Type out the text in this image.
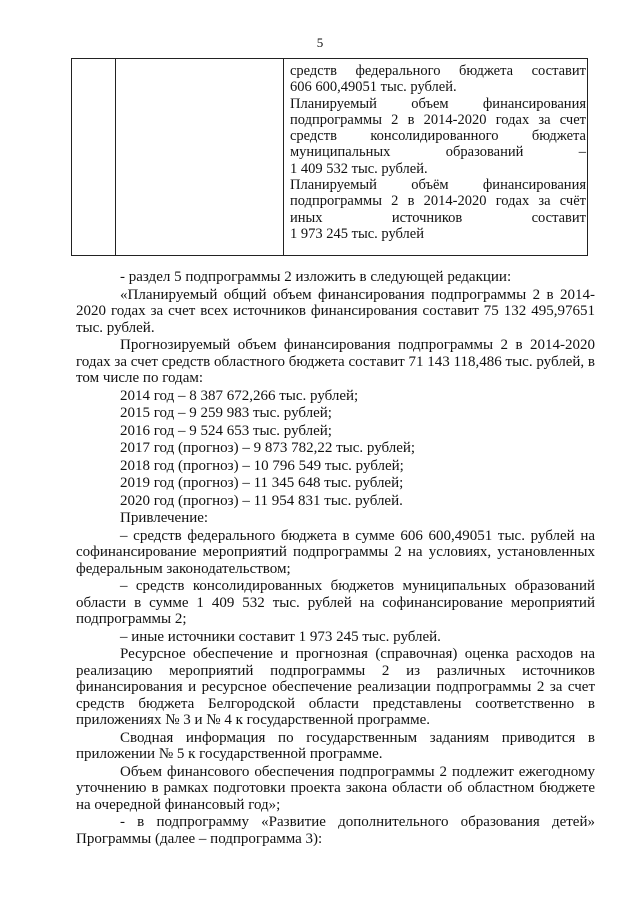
5

средств федерального бюджета составит

606 600,49051 тыс. рублей.

Планируемый объем финансирования

подпрограммы 2 в 2014-2020 годах за счет

средств консолидированного бюджета

муниципальных образований –

1 409 532 тыс. рублей.

Планируемый объём финансирования

подпрограммы 2 в 2014-2020 годах за счёт

иных источников составит

1 973 245 тыс. рублей

- раздел 5 подпрограммы 2 изложить в следующей редакции:

«Планируемый общий объем финансирования подпрограммы 2 в 2014-2020 годах за счет всех источников финансирования составит 75 132 495,97651 тыс. рублей.

Прогнозируемый объем финансирования подпрограммы 2 в 2014-2020 годах за счет средств областного бюджета составит 71 143 118,486 тыс. рублей, в том числе по годам:

2014 год – 8 387 672,266 тыс. рублей;

2015 год – 9 259 983 тыс. рублей;

2016 год – 9 524 653 тыс. рублей;

2017 год (прогноз) – 9 873 782,22 тыс. рублей;

2018 год (прогноз) – 10 796 549 тыс. рублей;

2019 год (прогноз) – 11 345 648 тыс. рублей;

2020 год (прогноз) – 11 954 831 тыс. рублей.

Привлечение:

– средств федерального бюджета в сумме 606 600,49051 тыс. рублей на софинансирование мероприятий подпрограммы 2 на условиях, установленных федеральным законодательством;

– средств консолидированных бюджетов муниципальных образований области в сумме 1 409 532 тыс. рублей на софинансирование мероприятий подпрограммы 2;

– иные источники составит 1 973 245 тыс. рублей.

Ресурсное обеспечение и прогнозная (справочная) оценка расходов на реализацию мероприятий подпрограммы 2 из различных источников финансирования и ресурсное обеспечение реализации подпрограммы 2 за счет средств бюджета Белгородской области представлены соответственно в приложениях № 3 и № 4 к государственной программе.

Сводная информация по государственным заданиям приводится в приложении № 5 к государственной программе.

Объем финансового обеспечения подпрограммы 2 подлежит ежегодному уточнению в рамках подготовки проекта закона области об областном бюджете на очередной финансовый год»;

- в подпрограмму «Развитие дополнительного образования детей» Программы (далее – подпрограмма 3):
